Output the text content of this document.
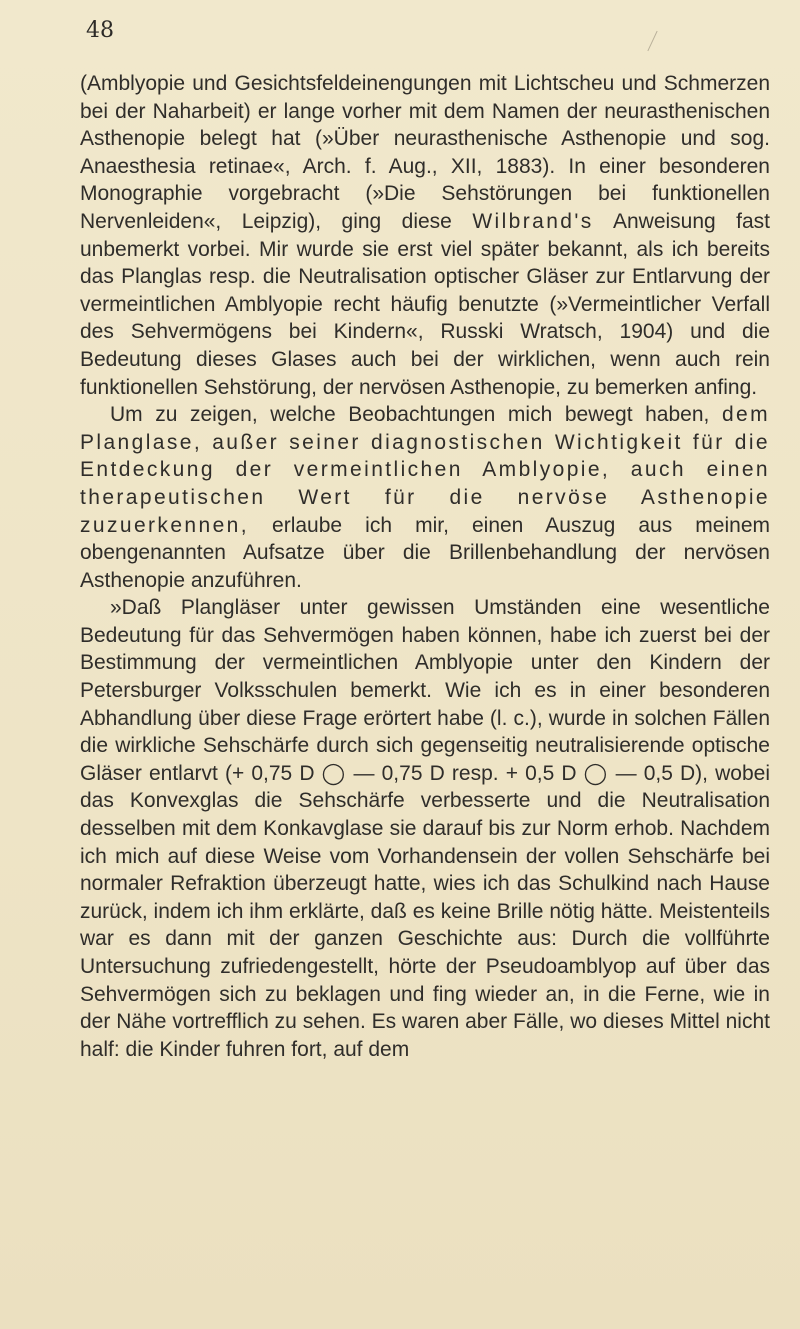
48

(Amblyopie und Gesichtsfeldeinengungen mit Lichtscheu und Schmerzen bei der Naharbeit) er lange vorher mit dem Namen der neurasthenischen Asthenopie belegt hat (»Über neurasthenische Asthenopie und sog. Anaesthesia retinae«, Arch. f. Aug., XII, 1883). In einer besonderen Monographie vorgebracht (»Die Sehstörungen bei funktionellen Nervenleiden«, Leipzig), ging diese Wilbrand's Anweisung fast unbemerkt vorbei. Mir wurde sie erst viel später bekannt, als ich bereits das Planglas resp. die Neutralisation optischer Gläser zur Entlarvung der vermeintlichen Amblyopie recht häufig benutzte (»Vermeintlicher Verfall des Sehvermögens bei Kindern«, Russki Wratsch, 1904) und die Bedeutung dieses Glases auch bei der wirklichen, wenn auch rein funktionellen Sehstörung, der nervösen Asthenopie, zu bemerken anfing.

Um zu zeigen, welche Beobachtungen mich bewegt haben, dem Planglase, außer seiner diagnostischen Wichtigkeit für die Entdeckung der vermeintlichen Amblyopie, auch einen therapeutischen Wert für die nervöse Asthenopie zuzuerkennen, erlaube ich mir, einen Auszug aus meinem obengenannten Aufsatze über die Brillenbehandlung der nervösen Asthenopie anzuführen.

»Daß Plangläser unter gewissen Umständen eine wesentliche Bedeutung für das Sehvermögen haben können, habe ich zuerst bei der Bestimmung der vermeintlichen Amblyopie unter den Kindern der Petersburger Volksschulen bemerkt. Wie ich es in einer besonderen Abhandlung über diese Frage erörtert habe (l. c.), wurde in solchen Fällen die wirkliche Sehschärfe durch sich gegenseitig neutralisierende optische Gläser entlarvt (+ 0,75 D ◯ — 0,75 D resp. + 0,5 D ◯ — 0,5 D), wobei das Konvexglas die Sehschärfe verbesserte und die Neutralisation desselben mit dem Konkavglase sie darauf bis zur Norm erhob. Nachdem ich mich auf diese Weise vom Vorhandensein der vollen Sehschärfe bei normaler Refraktion überzeugt hatte, wies ich das Schulkind nach Hause zurück, indem ich ihm erklärte, daß es keine Brille nötig hätte. Meistenteils war es dann mit der ganzen Geschichte aus: Durch die vollführte Untersuchung zufriedengestellt, hörte der Pseudoamblyop auf über das Sehvermögen sich zu beklagen und fing wieder an, in die Ferne, wie in der Nähe vortrefflich zu sehen. Es waren aber Fälle, wo dieses Mittel nicht half: die Kinder fuhren fort, auf dem
